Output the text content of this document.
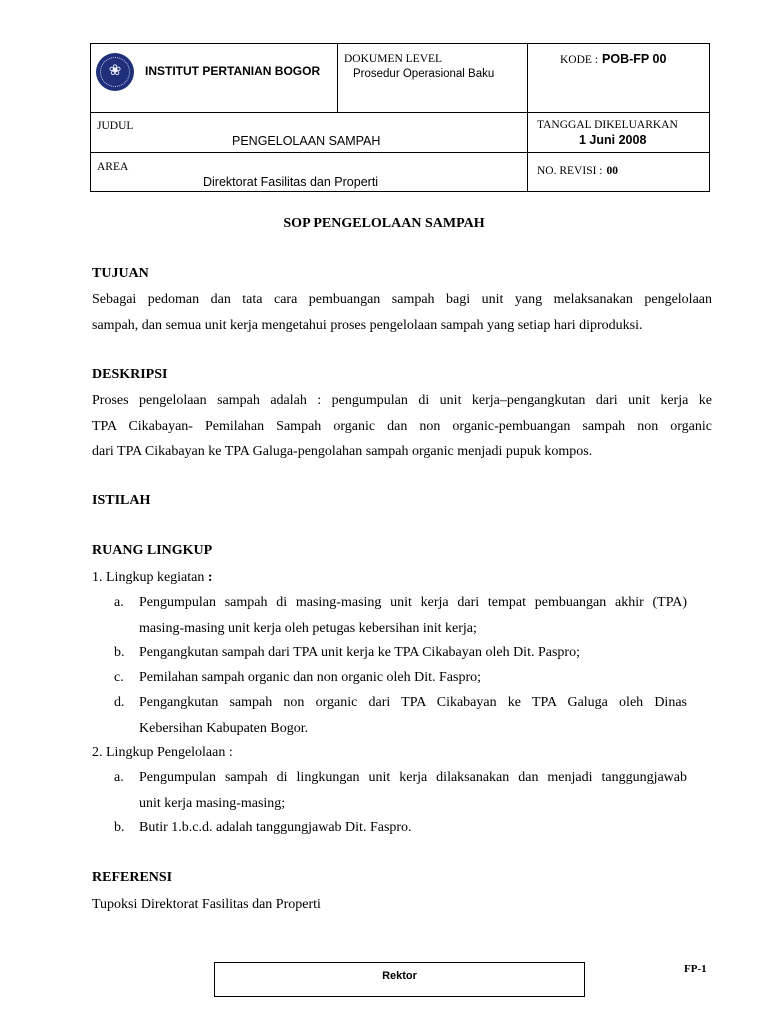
❀	INSTITUT PERTANIAN BOGOR
DOKUMEN LEVEL
Prosedur Operasional Baku
KODE : POB-FP 00
JUDUL
PENGELOLAAN SAMPAH
TANGGAL DIKELUARKAN
1 Juni 2008
AREA
Direktorat Fasilitas dan Properti
NO. REVISI : 00
SOP PENGELOLAAN SAMPAH
TUJUAN
Sebagai pedoman dan tata cara pembuangan sampah bagi unit yang melaksanakan pengelolaan
sampah, dan semua unit kerja mengetahui proses pengelolaan sampah yang setiap hari diproduksi.
DESKRIPSI
Proses pengelolaan sampah adalah : pengumpulan di unit kerja–pengangkutan dari unit kerja ke
TPA Cikabayan- Pemilahan Sampah organic dan non organic-pembuangan sampah non organic
dari TPA Cikabayan ke TPA Galuga-pengolahan sampah organic menjadi pupuk kompos.
ISTILAH
RUANG LINGKUP
1. Lingkup kegiatan :
a. Pengumpulan sampah di masing-masing unit kerja dari tempat pembuangan akhir (TPA)
masing-masing unit kerja oleh petugas kebersihan init kerja;
b. Pengangkutan sampah dari TPA unit kerja ke TPA Cikabayan oleh Dit. Paspro;
c. Pemilahan sampah organic dan non organic oleh Dit. Faspro;
d. Pengangkutan sampah non organic dari TPA Cikabayan ke TPA Galuga oleh Dinas
Kebersihan Kabupaten Bogor.
2. Lingkup Pengelolaan :
a. Pengumpulan sampah di lingkungan unit kerja dilaksanakan dan menjadi tanggungjawab
unit kerja masing-masing;
b. Butir 1.b.c.d. adalah tanggungjawab Dit. Faspro.
REFERENSI
Tupoksi Direktorat Fasilitas dan Properti
Rektor
FP-1
